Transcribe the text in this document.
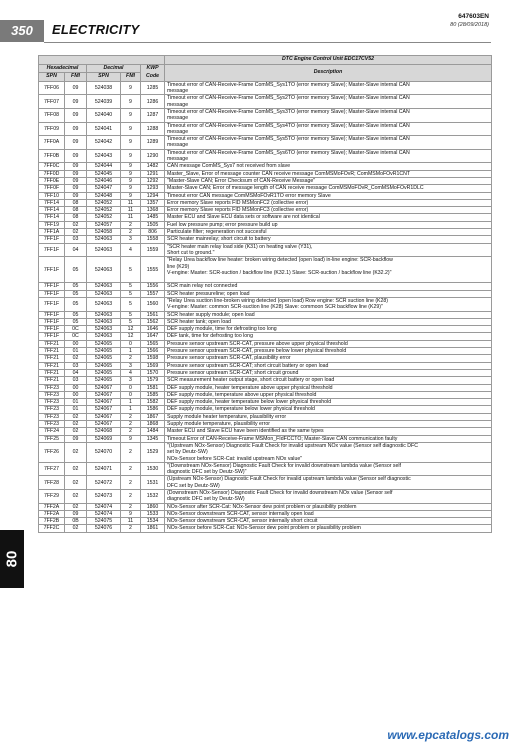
350	ELECTRICITY
647603EN
80 (28/09/2018)
80
					DTC Engine Control Unit EDC17CV52
Hexadecimal		Decimal		KWP Code	Description
SPN	FMI	SPN	FMI		
7FF06	09	524038	9	1285	Timeout error of CAN-Receive-Frame ComMS_Sys1TO (error memory Slave); Master-Slave internal CAN
message

7FF07	09	524039	9	1286	Timeout error of CAN-Receive-Frame ComMS_Sys2TO (error memory Slave); Master-Slave internal CAN
message

7FF08	09	524040	9	1287	Timeout error of CAN-Receive-Frame ComMS_Sys3TO (error memory Slave); Master-Slave internal CAN
message

7FF09	09	524041	9	1288	Timeout error of CAN-Receive-Frame ComMS_Sys4TO (error memory Slave); Master-Slave internal CAN
message

7FF0A	09	524042	9	1289	Timeout error of CAN-Receive-Frame ComMS_Sys5TO (error memory Slave); Master-Slave internal CAN
message

7FF0B	09	524043	9	1290	Timeout error of CAN-Receive-Frame ComMS_Sys6TO (error memory Slave); Master-Slave internal CAN
message

7FF0C	09	524044	9	1482	CAN message ComMS_Sys7 not received from slave

7FF0D	09	524045	9	1291	Master_Slave, Error of message counter CAN receive message ComMSMoFOvR; ComMSMoFOvR1CNT

7FF0E	09	524046	9	1292	"Master-Slave CAN; Error Checksum of CAN-Receive Message"

7FF0F	09	524047	9	1293	Master-Slave CAN; Error of message length of CAN receive message ComMSMoFOvR_ComMSMoFOvR1DLC

7FF10	09	524048	9	1294	Timeout error CAN message ComMSMoFOvR1TO error memory Slave

7FF14	08	524052	11	1357	Error memory Slave reports FID MSMonFC2 (collective error)

7FF14	08	524052	11	1368	Error memory Slave reports FID MSMonFC3 (collective error)

7FF14	08	524052	11	1485	Master ECU and Slave ECU data sets or software are not identical

7FF19	02	524057	2	1505	Fuel low pressure pump; error pressure build up

7FF1A	02	524058	2	806	Particulate filter; regeneration not succesful

7FF1F	03	524063	3	1558	SCR heater mainrelay; short circuit to battery

7FF1F	04	524063	4	1559	"SCR heater main relay load side (K31) on heating valve (Y31),
Short cut to ground."

7FF1F	05	524063	5	1555	"Relay Urea backflow line heater: broken wiring detected (open load) in-line engine: SCR-backflow
line (K29)
V-engine: Master: SCR-suction / backflow line (K32.1) Slave: SCR-suction / backflow line (K32.2)"

7FF1F	05	524063	5	1556	SCR main relay not connected

7FF1F	05	524063	5	1557	SCR heater pressureline; open load

7FF1F	05	524063	5	1560	"Relay Urea suction line-broken wiring detected (open load) Row engine: SCR suction line (K28)
V-engine: Master: common SCR-suction line (K28) Slave: commoon SCR backflow line (K29)"

7FF1F	05	524063	5	1561	SCR heater supply module; open load

7FF1F	05	524063	5	1562	SCR heater tank; open load

7FF1F	0C	524063	12	1646	DEF supply module, time for defrosting too long

7FF1F	0C	524063	12	1647	DEF tank, time for defrosting too long

7FF21	00	524065	0	1565	Pressure sensor upstream SCR-CAT, pressure above upper physical threshold

7FF21	01	524065	1	1566	Pressure sensor upstream SCR-CAT, pressure below lower physical threshold

7FF21	02	524065	2	1598	Pressure sensor upstream SCR-CAT, plausibility error

7FF21	03	524065	3	1569	Pressure sensor upstream SCR-CAT; short circuit battery or open load

7FF21	04	524065	4	1570	Pressure sensor upstream SCR-CAT; short circuit ground

7FF21	03	524065	3	1579	SCR measurement heater output stage, short circuit battery or open load

7FF23	00	524067	0	1581	DEF supply module, heater temperature above upper physical threshold

7FF23	00	524067	0	1585	DEF supply module, temperature above upper physical threshold

7FF23	01	524067	1	1582	DEF supply module, heater temperature below lower physical threshold

7FF23	01	524067	1	1586	DEF supply module, temperature below lower physical threshold

7FF23	02	524067	2	1867	Supply module heater temperature, plausibility error

7FF23	02	524067	2	1868	Supply module temperature, plausibility error

7FF24	02	524068	2	1484	Master ECU and Slave ECU have been identified as the same types

7FF25	09	524069	9	1345	Timeout Error of CAN-Receive-Frame MSMon_FIdFCCTO; Master-Slave CAN communication faulty

7FF26	02	524070	2	1529	"(Upstream NOx-Sensor) Diagnostic Fault Check for invalid upstream NOx value (Sensor self diagnostic DFC
set by Deutz-SW)
NOx-Sensor before SCR-Cat: invalid upstream NOx value"

7FF27	02	524071	2	1530	"(Downstream NOx-Sensor) Diagnostic Fault Check for invalid downstream lambda value (Sensor self
diagnostic DFC set by Deutz-SW)"

7FF28	02	524072	2	1531	(Upstream NOx-Sensor) Diagnostic Fault Check for invalid upstream lambda value (Sensor self diagnostic
DFC set by Deutz-SW)

7FF29	02	524073	2	1532	(Downstream NOx-Sensor) Diagnostic Fault Check for invalid downstream NOx value (Sensor self
diagnostic DFC set by Deutz-SW)

7FF2A	02	524074	2	1860	NOx-Sensor after SCR-Cat: NOx-Sensor dew point problem or plausibility problem

7FF2A	09	524074	9	1533	NOx-Sensor downstream SCR-CAT, sensor internally open load

7FF2B	0B	524075	11	1534	NOx-Sensor downstream SCR-CAT, sensor internally short circuit

7FF2C	02	524076	2	1861	NOx-Sensor before SCR-Cat: NOx-Sensor dew point problem or plausibility problem
www.epcatalogs.com
